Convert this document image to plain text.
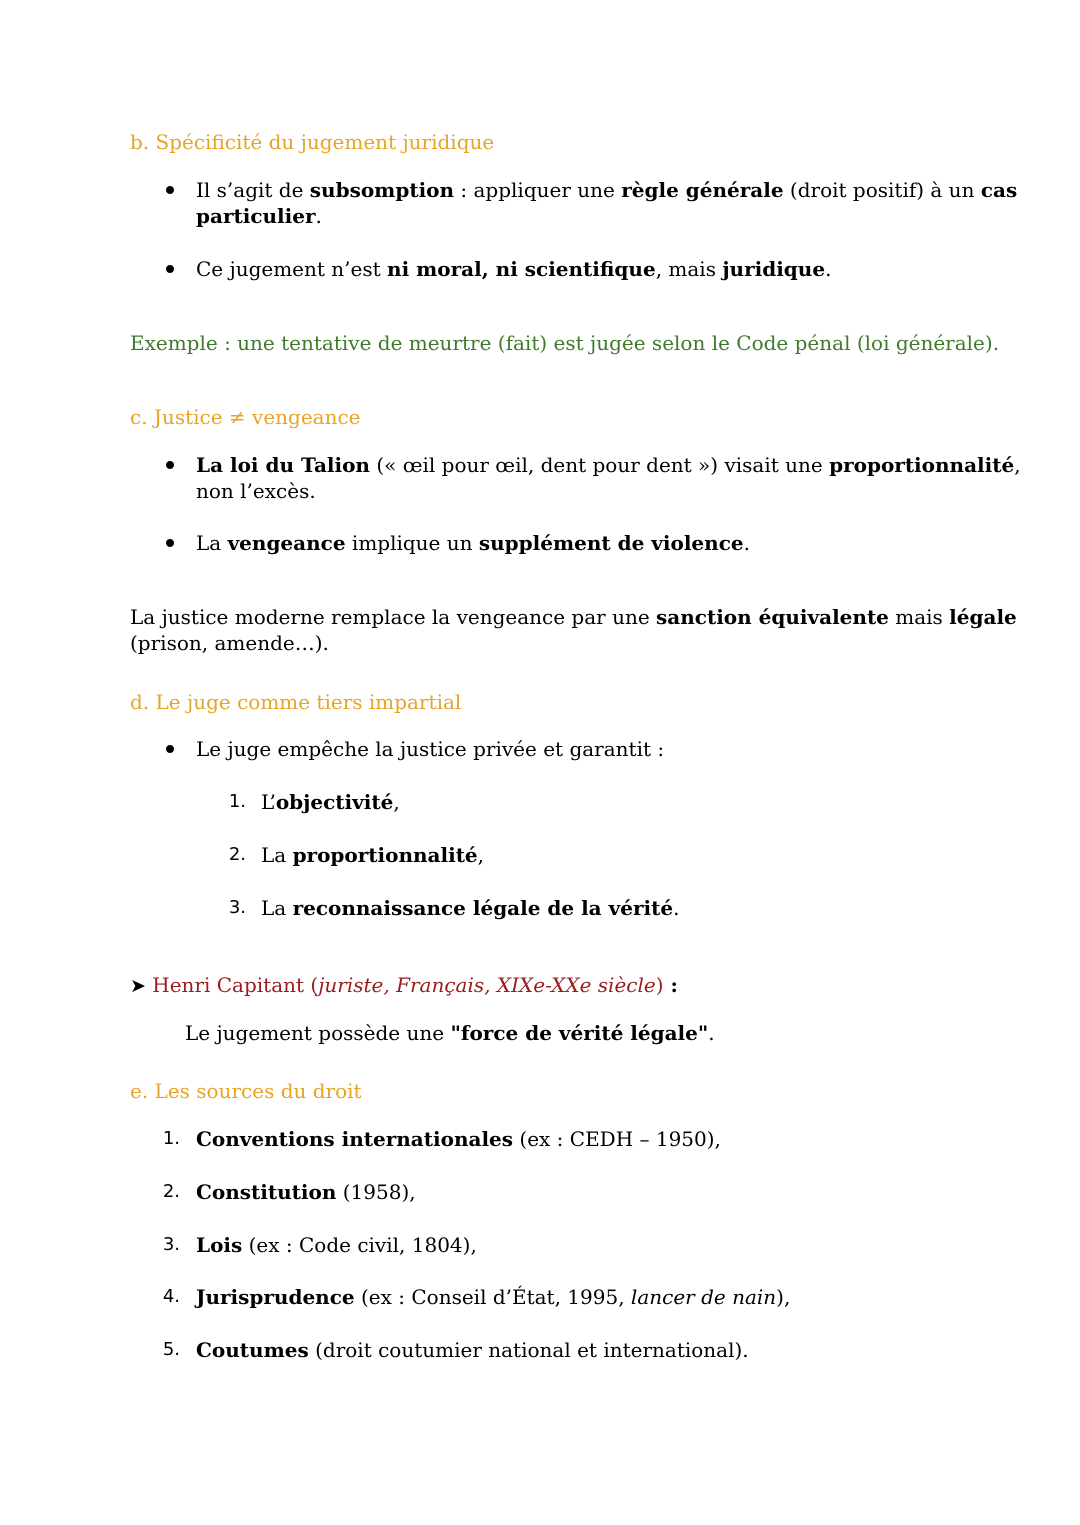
b. Spécificité du jugement juridique
Il s’agit de subsomption : appliquer une règle générale (droit positif) à un cas
particulier.
Ce jugement n’est ni moral, ni scientifique, mais juridique.
Exemple : une tentative de meurtre (fait) est jugée selon le Code pénal (loi générale).
c. Justice ≠ vengeance
La loi du Talion (« œil pour œil, dent pour dent ») visait une proportionnalité,
non l’excès.
La vengeance implique un supplément de violence.
La justice moderne remplace la vengeance par une sanction équivalente mais légale
(prison, amende…).
d. Le juge comme tiers impartial
Le juge empêche la justice privée et garantit :
1. L’objectivité,
2. La proportionnalité,
3. La reconnaissance légale de la vérité.
➤ Henri Capitant (juriste, Français, XIXe-XXe siècle) :
Le jugement possède une "force de vérité légale".
e. Les sources du droit
1. Conventions internationales (ex : CEDH – 1950),
2. Constitution (1958),
3. Lois (ex : Code civil, 1804),
4. Jurisprudence (ex : Conseil d’État, 1995, lancer de nain),
5. Coutumes (droit coutumier national et international).
